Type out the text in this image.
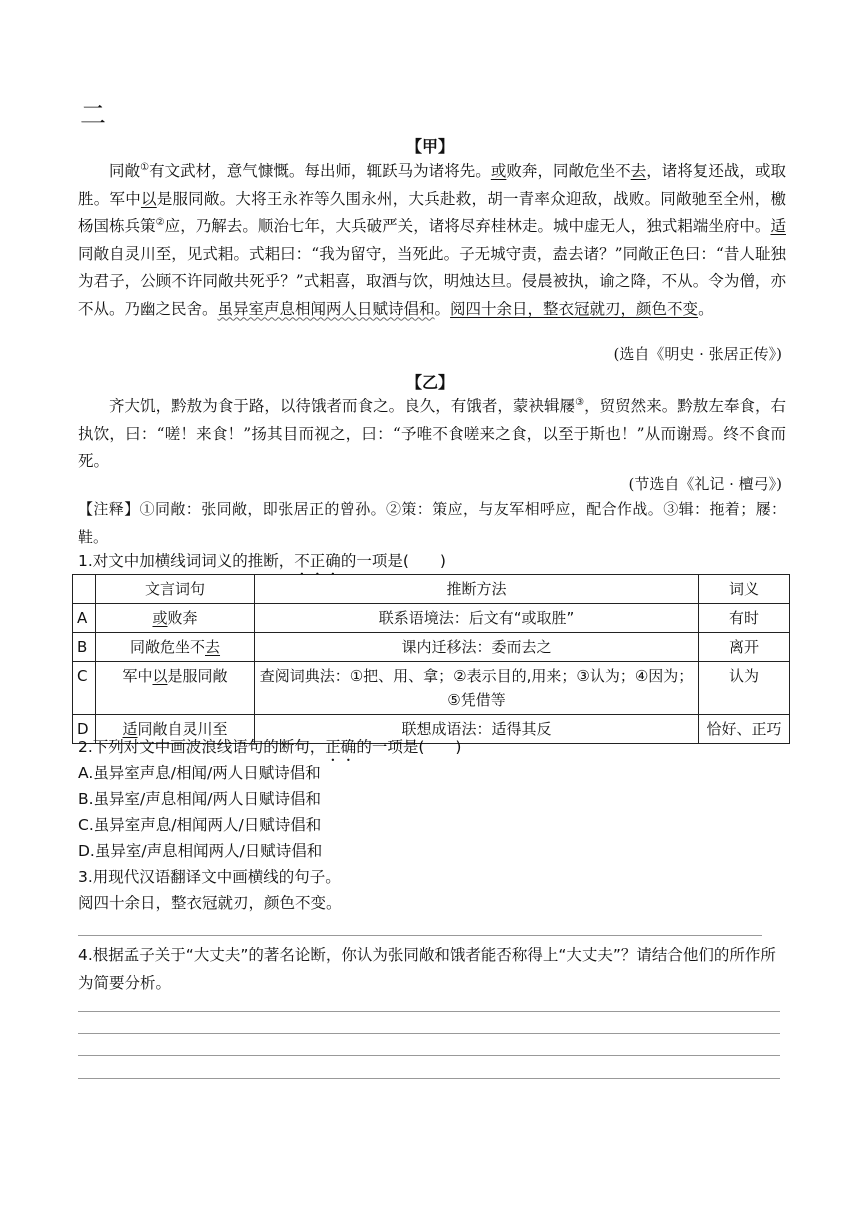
二
【甲】
同敞①有文武材，意气慷慨。每出师，辄跃马为诸将先。或败奔，同敞危坐不去，诸将复还战，或取胜。军中以是服同敞。大将王永祚等久围永州，大兵赴救，胡一青率众迎敌，战败。同敞驰至全州，檄杨国栋兵策②应，乃解去。顺治七年，大兵破严关，诸将尽弃桂林走。城中虚无人，独式耜端坐府中。适同敞自灵川至，见式耜。式耜曰：“我为留守，当死此。子无城守责，盍去诸？”同敞正色曰：“昔人耻独为君子，公顾不许同敞共死乎？”式耜喜，取酒与饮，明烛达旦。侵晨被执，谕之降，不从。令为僧，亦不从。乃幽之民舍。虽异室声息相闻两人日赋诗倡和。阅四十余日，整衣冠就刃，颜色不变。
(选自《明史 · 张居正传》)
【乙】
齐大饥，黔敖为食于路，以待饿者而食之。良久，有饿者，蒙袂辑屦③，贸贸然来。黔敖左奉食，右执饮，曰：“嗟！来食！”扬其目而视之，曰：“予唯不食嗟来之食，以至于斯也！”从而谢焉。终不食而死。
(节选自《礼记 · 檀弓》)
【注释】①同敞：张同敞，即张居正的曾孙。②策：策应，与友军相呼应，配合作战。③辑：拖着；屦：鞋。
1.对文中加横线词词义的推断，不正确的一项是(　　)
	文言词句	推断方法	词义
A	或败奔	联系语境法：后文有“或取胜”	有时
B	同敞危坐不去	课内迁移法：委而去之	离开
C	军中以是服同敞	查阅词典法：①把、用、拿；②表示目的,用来；③认为；④因为；⑤凭借等	认为
D	适同敞自灵川至	联想成语法：适得其反	恰好、正巧
2.下列对文中画波浪线语句的断句，正确的一项是(　　)
A.虽异室声息/相闻/两人日赋诗倡和
B.虽异室/声息相闻/两人日赋诗倡和
C.虽异室声息/相闻两人/日赋诗倡和
D.虽异室/声息相闻两人/日赋诗倡和
3.用现代汉语翻译文中画横线的句子。
阅四十余日，整衣冠就刃，颜色不变。
4.根据孟子关于“大丈夫”的著名论断，你认为张同敞和饿者能否称得上“大丈夫”？请结合他们的所作所为简要分析。
